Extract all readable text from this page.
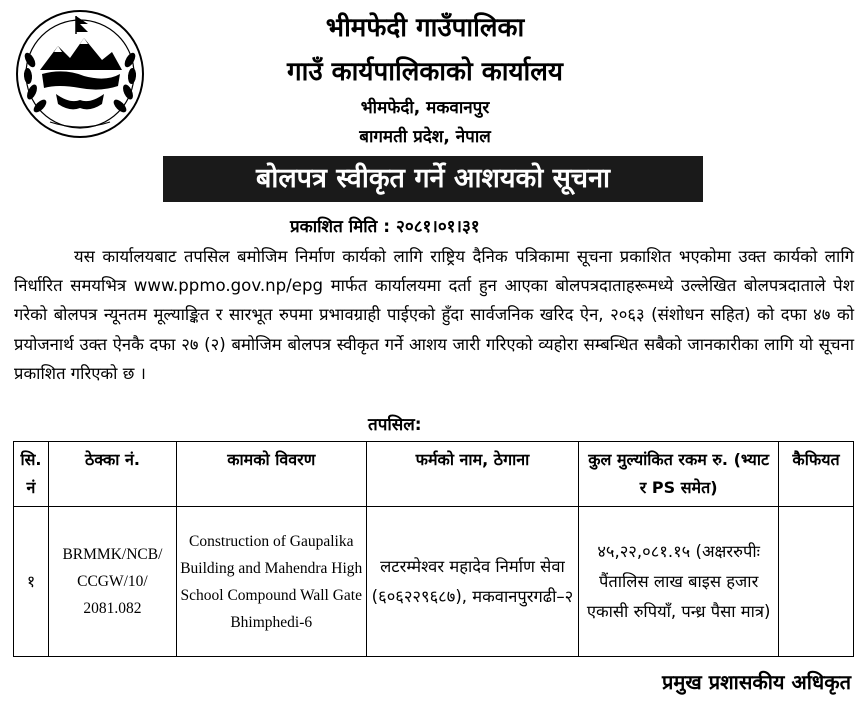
भीमफेदी गाउँपालिका
गाउँ कार्यपालिकाको कार्यालय
भीमफेदी, मकवानपुर
बागमती प्रदेश, नेपाल
बोलपत्र स्वीकृत गर्ने आशयको सूचना
प्रकाशित मिति : २०८१।०१।३१
यस कार्यालयबाट तपसिल बमोजिम निर्माण कार्यको लागि राष्ट्रिय दैनिक पत्रिकामा सूचना प्रकाशित भएकोमा उक्त कार्यको लागि निर्धारित समयभित्र www.ppmo.gov.np/epg मार्फत कार्यालयमा दर्ता हुन आएका बोलपत्रदाताहरूमध्ये उल्लेखित बोलपत्रदाताले पेश गरेको बोलपत्र न्यूनतम मूल्याङ्कित र सारभूत रुपमा प्रभावग्राही पाईएको हुँदा सार्वजनिक खरिद ऐन, २०६३ (संशोधन सहित) को दफा ४७ को प्रयोजनार्थ उक्त ऐनकै दफा २७ (२) बमोजिम बोलपत्र स्वीकृत गर्ने आशय जारी गरिएको व्यहोरा सम्बन्धित सबैको जानकारीका लागि यो सूचना प्रकाशित गरिएको छ ।
तपसिल:
सि. नं	ठेक्का नं.	कामको विवरण	फर्मको नाम, ठेगाना	कुल मुल्यांकित रकम रु. (भ्याट र PS समेत)	कैफियत
१	BRMMK/NCB/ CCGW/10/ 2081.082	Construction of Gaupalika Building and Mahendra High School Compound Wall Gate Bhimphedi-6	लटरम्मेश्वर महादेव निर्माण सेवा (६०६२२९६८७), मकवानपुरगढी–२	४५,२२,०८१.१५ (अक्षररुपीः पैंतालिस लाख बाइस हजार एकासी रुपियाँ, पन्ध्र पैसा मात्र)	
प्रमुख प्रशासकीय अधिकृत
